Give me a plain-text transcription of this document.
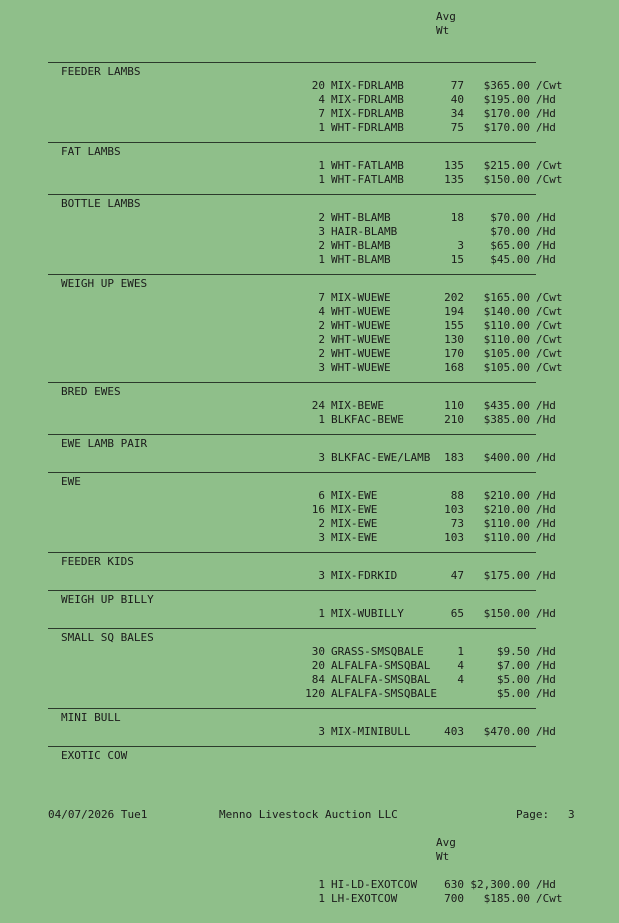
Avg
Wt
FEEDER LAMBS
20 MIX-FDRLAMB	77	$365.00 /Cwt
4 MIX-FDRLAMB	40	$195.00 /Hd
7 MIX-FDRLAMB	34	$170.00 /Hd
1 WHT-FDRLAMB	75	$170.00 /Hd
FAT LAMBS
1 WHT-FATLAMB	135	$215.00 /Cwt
1 WHT-FATLAMB	135	$150.00 /Cwt
BOTTLE LAMBS
2 WHT-BLAMB	18	$70.00 /Hd
3 HAIR-BLAMB	$70.00 /Hd
2 WHT-BLAMB	3	$65.00 /Hd
1 WHT-BLAMB	15	$45.00 /Hd
WEIGH UP EWES
7 MIX-WUEWE	202	$165.00 /Cwt
4 WHT-WUEWE	194	$140.00 /Cwt
2 WHT-WUEWE	155	$110.00 /Cwt
2 WHT-WUEWE	130	$110.00 /Cwt
2 WHT-WUEWE	170	$105.00 /Cwt
3 WHT-WUEWE	168	$105.00 /Cwt
BRED EWES
24 MIX-BEWE	110	$435.00 /Hd
1 BLKFAC-BEWE	210	$385.00 /Hd
EWE LAMB PAIR
3 BLKFAC-EWE/LAMB	183	$400.00 /Hd
EWE
6 MIX-EWE	88	$210.00 /Hd
16 MIX-EWE	103	$210.00 /Hd
2 MIX-EWE	73	$110.00 /Hd
3 MIX-EWE	103	$110.00 /Hd
FEEDER KIDS
3 MIX-FDRKID	47	$175.00 /Hd
WEIGH UP BILLY
1 MIX-WUBILLY	65	$150.00 /Hd
SMALL SQ BALES
30 GRASS-SMSQBALE	1	$9.50 /Hd
20 ALFALFA-SMSQBAL	4	$7.00 /Hd
84 ALFALFA-SMSQBAL	4	$5.00 /Hd
120 ALFALFA-SMSQBALE	$5.00 /Hd
MINI BULL
3 MIX-MINIBULL	403	$470.00 /Hd
EXOTIC COW
04/07/2026 Tue1	Menno Livestock Auction LLC	Page: 3
Avg
Wt
1 HI-LD-EXOTCOW	630 $2,300.00 /Hd
1 LH-EXOTCOW	700	$185.00 /Cwt
